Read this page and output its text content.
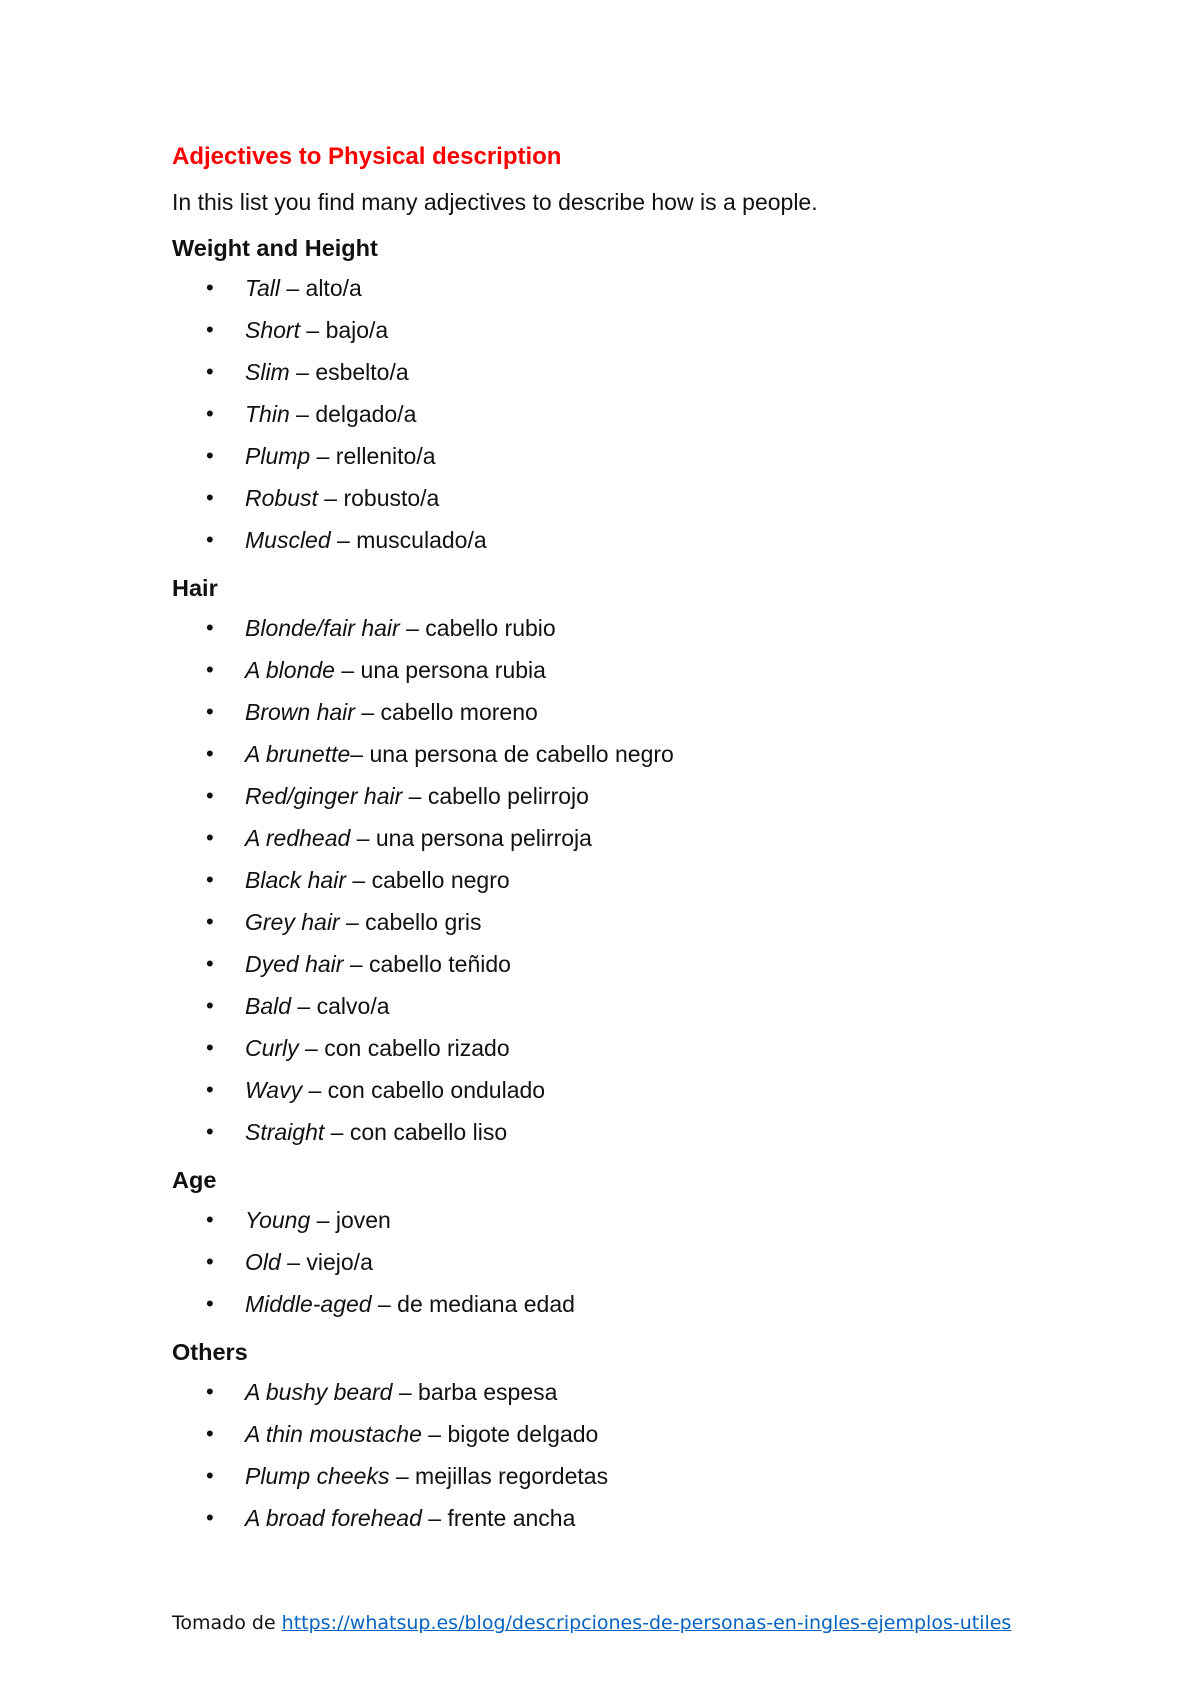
Adjectives to Physical description
In this list you find many adjectives to describe how is a people.
Weight and Height
• Tall – alto/a
• Short – bajo/a
• Slim – esbelto/a
• Thin – delgado/a
• Plump – rellenito/a
• Robust – robusto/a
• Muscled – musculado/a
Hair
• Blonde/fair hair – cabello rubio
• A blonde – una persona rubia
• Brown hair – cabello moreno
• A brunette– una persona de cabello negro
• Red/ginger hair – cabello pelirrojo
• A redhead – una persona pelirroja
• Black hair – cabello negro
• Grey hair – cabello gris
• Dyed hair – cabello teñido
• Bald – calvo/a
• Curly – con cabello rizado
• Wavy – con cabello ondulado
• Straight – con cabello liso
Age
• Young – joven
• Old – viejo/a
• Middle-aged – de mediana edad
Others
• A bushy beard – barba espesa
• A thin moustache – bigote delgado
• Plump cheeks – mejillas regordetas
• A broad forehead – frente ancha
Tomado de https://whatsup.es/blog/descripciones-de-personas-en-ingles-ejemplos-utiles
